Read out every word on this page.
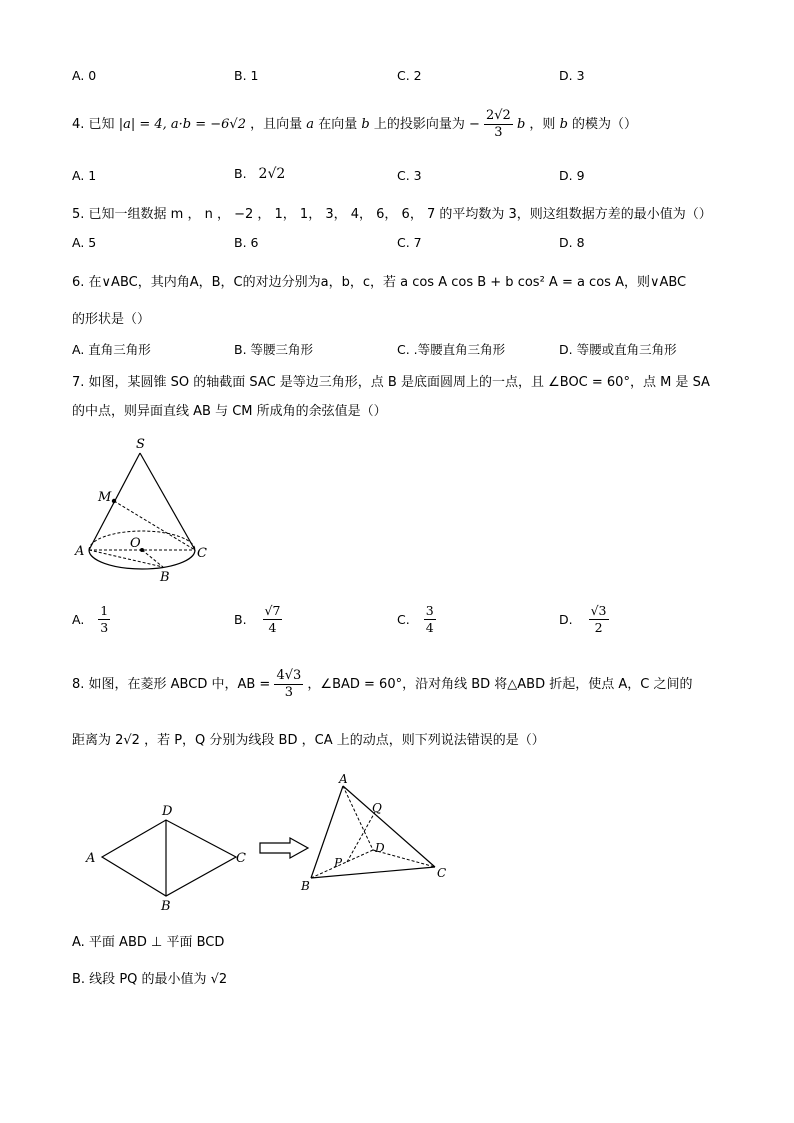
A. 0	B. 1	C. 2	D. 3
4. 已知 |a| = 4, a·b = −6√2 ，且向量 a 在向量 b 上的投影向量为 − $\frac{2√2}{3}$ b ，则 b 的模为（）
A. 1	B. 2√2	C. 3	D. 9
5. 已知一组数据 m ， n ， −2 ， 1， 1， 3， 4， 6， 6， 7 的平均数为 3，则这组数据方差的最小值为（）
A. 5	B. 6	C. 7	D. 8
6. 在∨ABC，其内角A，B，C的对边分别为a，b，c，若 a cos A cos B + b cos² A = a cos A，则∨ABC
的形状是（）
A. 直角三角形	B. 等腰三角形	C. .等腰直角三角形	D. 等腰或直角三角形
7. 如图，某圆锥 SO 的轴截面 SAC 是等边三角形，点 B 是底面圆周上的一点，且 ∠BOC = 60°，点 M 是 SA
的中点，则异面直线 AB 与 CM 所成角的余弦值是（）
S
M
A
O
C
B
A. $\frac{1}{3}$	B. $\frac{√7}{4}$	C. $\frac{3}{4}$	D. $\frac{√3}{2}$
8. 如图，在菱形 ABCD 中，AB = $\frac{4√3}{3}$ ，∠BAD = 60°，沿对角线 BD 将△ABD 折起，使点 A，C 之间的
距离为 2√2 ，若 P，Q 分别为线段 BD ，CA 上的动点，则下列说法错误的是（）
A
D
C
B
A
Q
D
P
B
C
A. 平面 ABD ⊥ 平面 BCD
B. 线段 PQ 的最小值为 √2
